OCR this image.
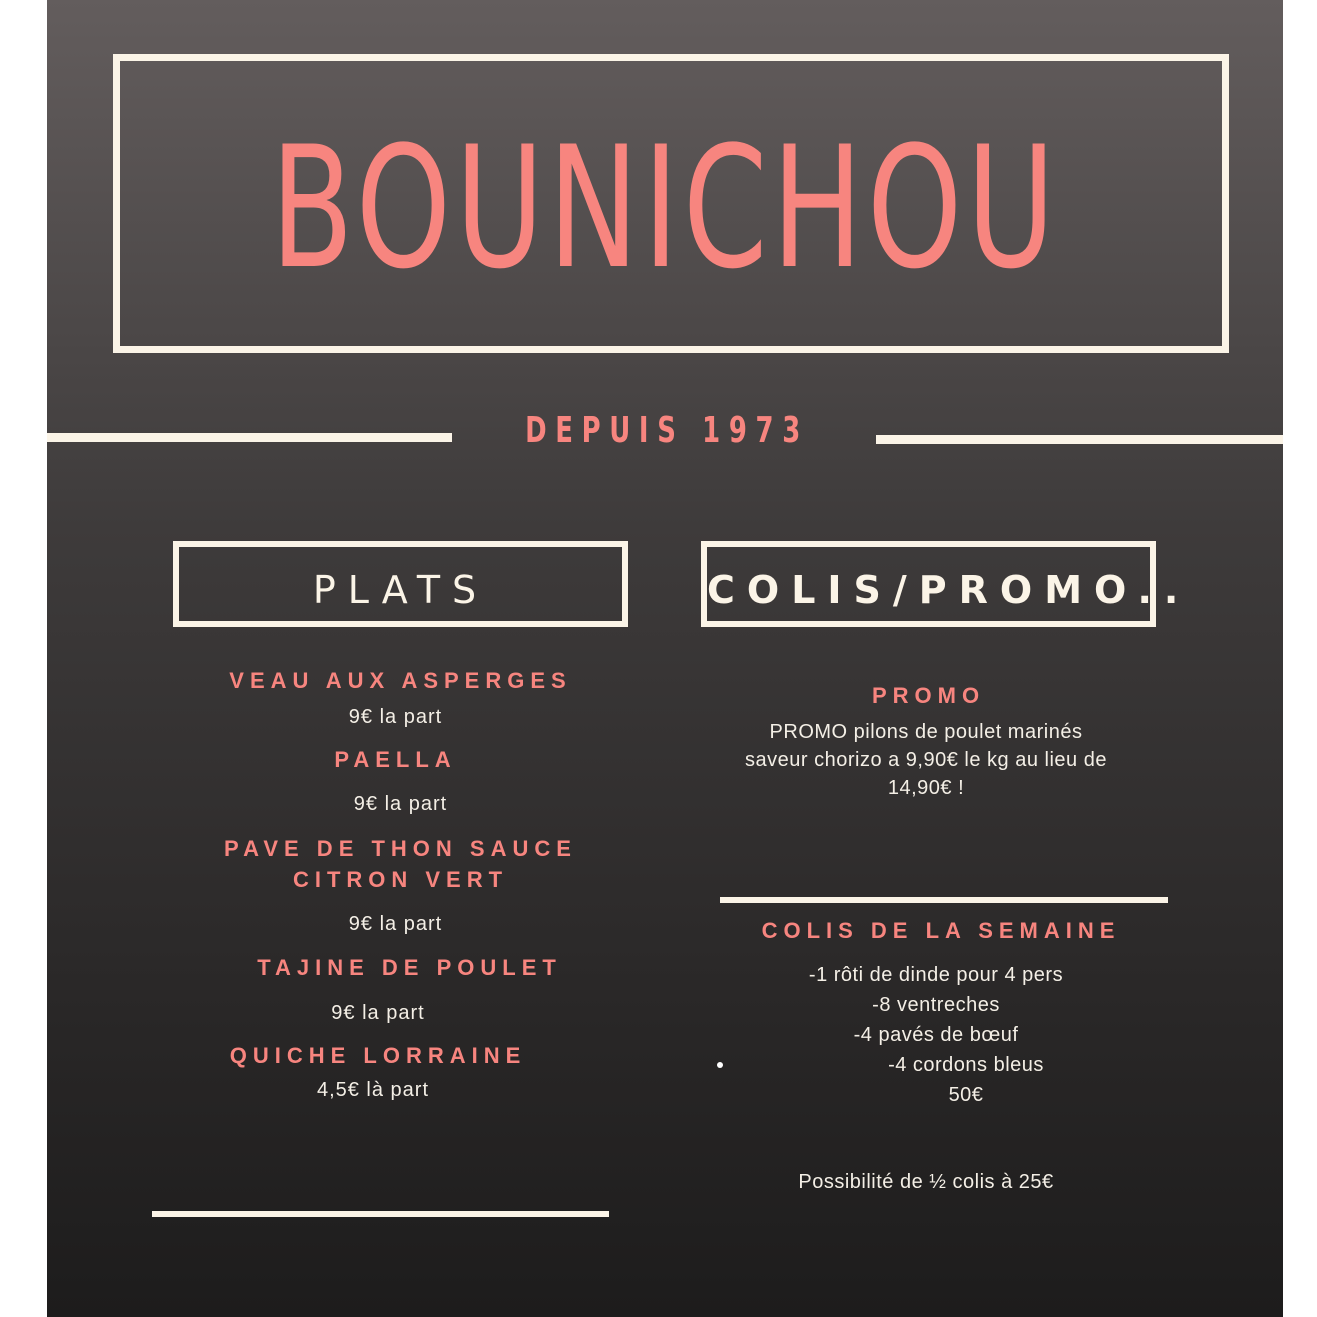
BOUNICHOU
DEPUIS 1973
PLATS
VEAU AUX ASPERGES
9€ la part
PAELLA
9€ la part
PAVE DE THON SAUCE
CITRON VERT
9€ la part
TAJINE DE POULET
9€ la part
QUICHE LORRAINE
4,5€ là part
COLIS/PROMO..
PROMO
PROMO pilons de poulet marinés
saveur chorizo a 9,90€ le kg au lieu de
14,90€ !
COLIS DE LA SEMAINE
-1 rôti de dinde pour 4 pers
-8 ventreches
-4 pavés de bœuf
-4 cordons bleus
50€
Possibilité de ½ colis à 25€
